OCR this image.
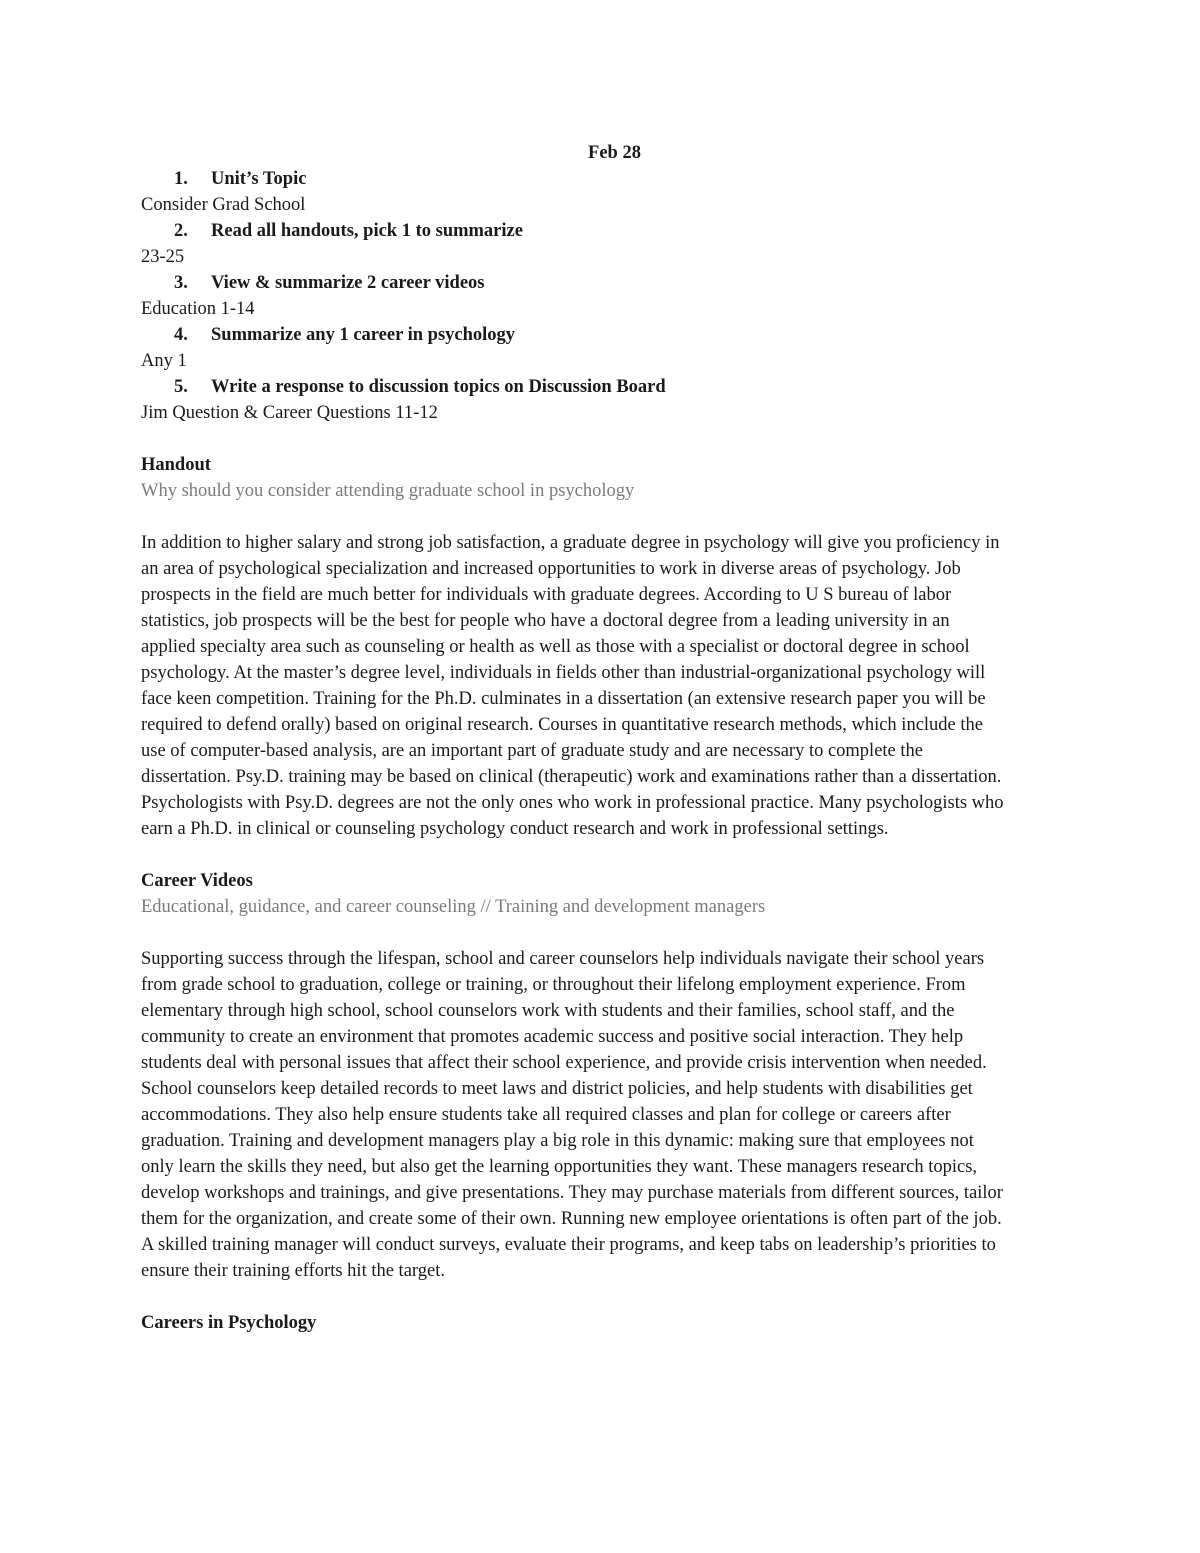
Feb 28

1.	Unit’s Topic

Consider Grad School

2.	Read all handouts, pick 1 to summarize

23-25

3.	View & summarize 2 career videos

Education 1-14

4.	Summarize any 1 career in psychology

Any 1

5.	Write a response to discussion topics on Discussion Board

Jim Question & Career Questions 11-12

Handout

Why should you consider attending graduate school in psychology

In addition to higher salary and strong job satisfaction, a graduate degree in psychology will give you proficiency in
an area of psychological specialization and increased opportunities to work in diverse areas of psychology. Job
prospects in the field are much better for individuals with graduate degrees. According to U S bureau of labor
statistics, job prospects will be the best for people who have a doctoral degree from a leading university in an
applied specialty area such as counseling or health as well as those with a specialist or doctoral degree in school
psychology. At the master’s degree level, individuals in fields other than industrial-organizational psychology will
face keen competition. Training for the Ph.D. culminates in a dissertation (an extensive research paper you will be
required to defend orally) based on original research. Courses in quantitative research methods, which include the
use of computer-based analysis, are an important part of graduate study and are necessary to complete the
dissertation. Psy.D. training may be based on clinical (therapeutic) work and examinations rather than a dissertation.
Psychologists with Psy.D. degrees are not the only ones who work in professional practice. Many psychologists who
earn a Ph.D. in clinical or counseling psychology conduct research and work in professional settings.

Career Videos

Educational, guidance, and career counseling // Training and development managers

Supporting success through the lifespan, school and career counselors help individuals navigate their school years
from grade school to graduation, college or training, or throughout their lifelong employment experience. From
elementary through high school, school counselors work with students and their families, school staff, and the
community to create an environment that promotes academic success and positive social interaction. They help
students deal with personal issues that affect their school experience, and provide crisis intervention when needed.
School counselors keep detailed records to meet laws and district policies, and help students with disabilities get
accommodations. They also help ensure students take all required classes and plan for college or careers after
graduation. Training and development managers play a big role in this dynamic: making sure that employees not
only learn the skills they need, but also get the learning opportunities they want. These managers research topics,
develop workshops and trainings, and give presentations. They may purchase materials from different sources, tailor
them for the organization, and create some of their own. Running new employee orientations is often part of the job.
A skilled training manager will conduct surveys, evaluate their programs, and keep tabs on leadership’s priorities to
ensure their training efforts hit the target.

Careers in Psychology
